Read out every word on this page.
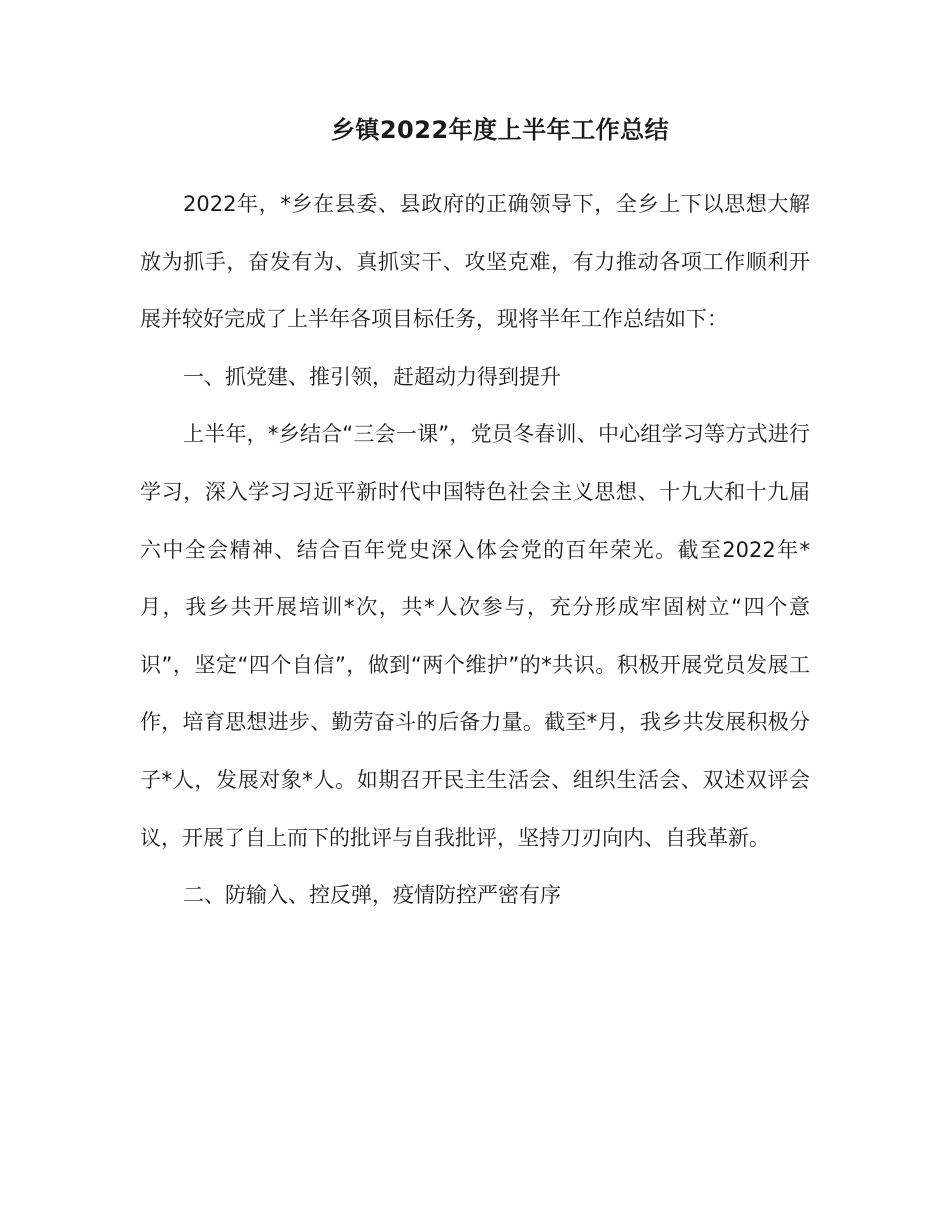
乡镇2022年度上半年工作总结

2022年，*乡在县委、县政府的正确领导下，全乡上下以思想大解放为抓手，奋发有为、真抓实干、攻坚克难，有力推动各项工作顺利开展并较好完成了上半年各项目标任务，现将半年工作总结如下：

一、抓党建、推引领，赶超动力得到提升

上半年，*乡结合“三会一课”，党员冬春训、中心组学习等方式进行学习，深入学习习近平新时代中国特色社会主义思想、十九大和十九届六中全会精神、结合百年党史深入体会党的百年荣光。截至2022年*月，我乡共开展培训*次，共*人次参与，充分形成牢固树立“四个意识”，坚定“四个自信”，做到“两个维护”的*共识。积极开展党员发展工作，培育思想进步、勤劳奋斗的后备力量。截至*月，我乡共发展积极分子*人，发展对象*人。如期召开民主生活会、组织生活会、双述双评会议，开展了自上而下的批评与自我批评，坚持刀刃向内、自我革新。

二、防输入、控反弹，疫情防控严密有序
